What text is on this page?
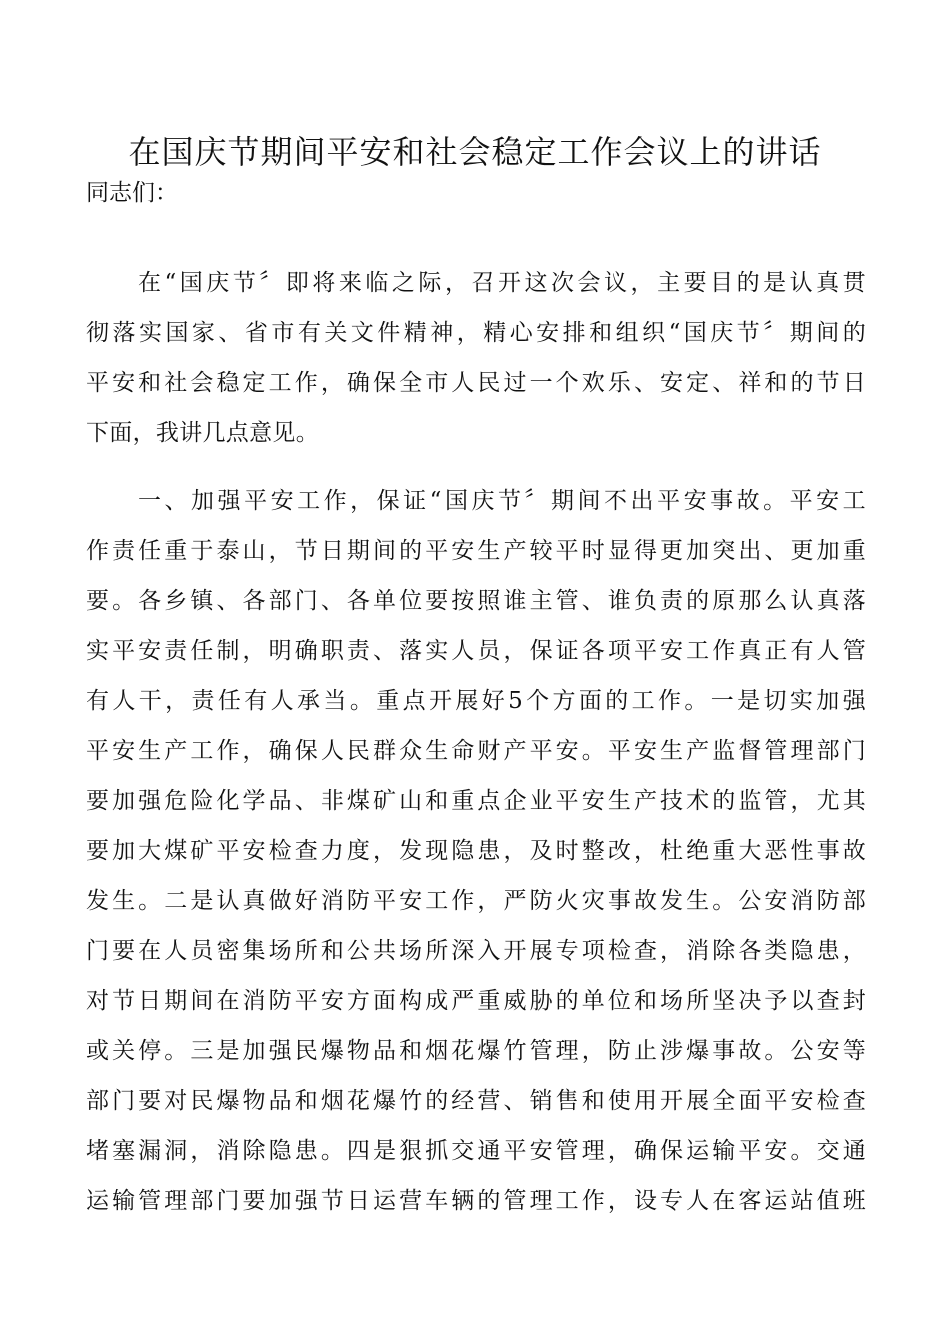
在国庆节期间平安和社会稳定工作会议上的讲话
同志们：
在“国庆节〞即将来临之际，召开这次会议，主要目的是认真贯
彻落实国家、省市有关文件精神，精心安排和组织“国庆节〞期间的
平安和社会稳定工作，确保全市人民过一个欢乐、安定、祥和的节日
下面，我讲几点意见。
一、加强平安工作，保证“国庆节〞期间不出平安事故。平安工
作责任重于泰山，节日期间的平安生产较平时显得更加突出、更加重
要。各乡镇、各部门、各单位要按照谁主管、谁负责的原那么认真落
实平安责任制，明确职责、落实人员，保证各项平安工作真正有人管
有人干，责任有人承当。重点开展好5个方面的工作。一是切实加强
平安生产工作，确保人民群众生命财产平安。平安生产监督管理部门
要加强危险化学品、非煤矿山和重点企业平安生产技术的监管，尤其
要加大煤矿平安检查力度，发现隐患，及时整改，杜绝重大恶性事故
发生。二是认真做好消防平安工作，严防火灾事故发生。公安消防部
门要在人员密集场所和公共场所深入开展专项检查，消除各类隐患，
对节日期间在消防平安方面构成严重威胁的单位和场所坚决予以查封
或关停。三是加强民爆物品和烟花爆竹管理，防止涉爆事故。公安等
部门要对民爆物品和烟花爆竹的经营、销售和使用开展全面平安检查
堵塞漏洞，消除隐患。四是狠抓交通平安管理，确保运输平安。交通
运输管理部门要加强节日运营车辆的管理工作，设专人在客运站值班
